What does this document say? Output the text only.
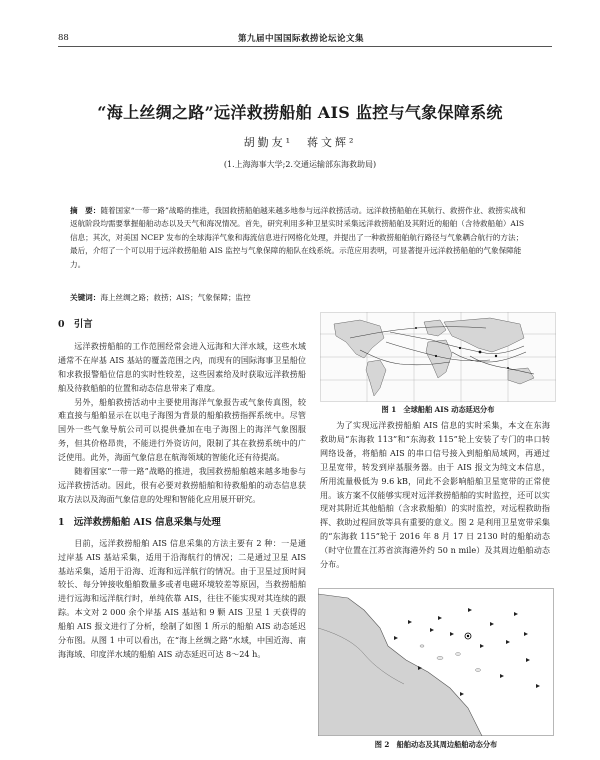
88	第九届中国国际救捞论坛论文集
“海上丝绸之路”远洋救捞船舶 AIS 监控与气象保障系统
胡勤友¹　蒋文辉²
(1.上海海事大学;2.交通运输部东海救助局)
摘　要：随着国家“一带一路”战略的推进，我国救捞船舶越来越多地参与远洋救捞活动。远洋救捞船舶在其航行、救捞作业、救捞实战和返航阶段均需要掌握船舶动态以及天气和海况情况。首先，研究利用多种卫星实时采集远洋救捞船舶及其附近的船舶（含待救船舶）AIS 信息；其次，对美国 NCEP 发布的全球海洋气象和海流信息进行网格化处理，并提出了一种救捞船舶航行路径与气象耦合航行的方法；最后，介绍了一个可以用于远洋救捞船舶 AIS 监控与气象保障的船队在线系统。示范应用表明，可显著提升远洋救捞船舶的气象保障能力。
关键词：海上丝绸之路；救捞；AIS；气象保障；监控
0　引言

远洋救捞船舶的工作范围经常会进入远海和大洋水域，这些水域通常不在岸基 AIS 基站的覆盖范围之内，而现有的国际海事卫星船位和求救报警船位信息的实时性较差，这些因素给及时获取远洋救捞船舶及待救船舶的位置和动态信息带来了难度。

另外，船舶救捞活动中主要使用海洋气象报告或气象传真图，较难直接与船舶显示在以电子海图为背景的船舶救捞指挥系统中。尽管国外一些气象导航公司可以提供叠加在电子海图上的海洋气象图服务，但其价格昂贵，不能进行外资访问，限制了其在救捞系统中的广泛使用。此外，海面气象信息在航海领域的智能化还有待提高。

随着国家“一带一路”战略的推进，我国救捞船舶越来越多地参与远洋救捞活动。因此，很有必要对救捞船舶和待救船舶的动态信息获取方法以及海面气象信息的处理和智能化应用展开研究。

1　远洋救捞船舶 AIS 信息采集与处理

目前，远洋救捞船舶 AIS 信息采集的方法主要有 2 种：一是通过岸基 AIS 基站采集，适用于沿海航行的情况；二是通过卫星 AIS 基站采集，适用于沿海、近海和远洋航行的情况。由于卫星过顶时间较长、每分钟接收船舶数量多或者电磁环境较差等原因，当救捞船舶进行远海和远洋航行时，单纯依靠 AIS，往往不能实现对其连续的跟踪。本文对 2 000 余个岸基 AIS 基站和 9 颗 AIS 卫星 1 天获得的船舶 AIS 报文进行了分析，绘制了如图 1 所示的船舶 AIS 动态延迟分布图。从图 1 中可以看出，在“海上丝绸之路”水域，中国近海、南海海域、印度洋水域的船舶 AIS 动态延迟可达 8～24 h。

图 1　全球船舶 AIS 动态延迟分布

为了实现远洋救捞船舶 AIS 信息的实时采集，本文在东海救助局“东海救 113”和“东海救 115”轮上安装了专门的串口转网络设备，将船舶 AIS 的串口信号接入到船舶局域网，再通过卫星宽带，转发到岸基服务器。由于 AIS 报文为纯文本信息，所用流量极低为 9.6 kB，同此不会影响船舶卫星宽带的正常使用。该方案不仅能够实现对远洋救捞船舶的实时监控，还可以实现对其附近其他船舶（含求救船舶）的实时监控，对远程救助指挥、救助过程回放等具有重要的意义。图 2 是利用卫星宽带采集的“东海救 115”轮于 2016 年 8 月 17 日 2130 时的船舶动态（时守位置在江苏省滨海港外约 50 n mile）及其周边船舶动态分布。

图 2　船舶动态及其周边船舶动态分布
